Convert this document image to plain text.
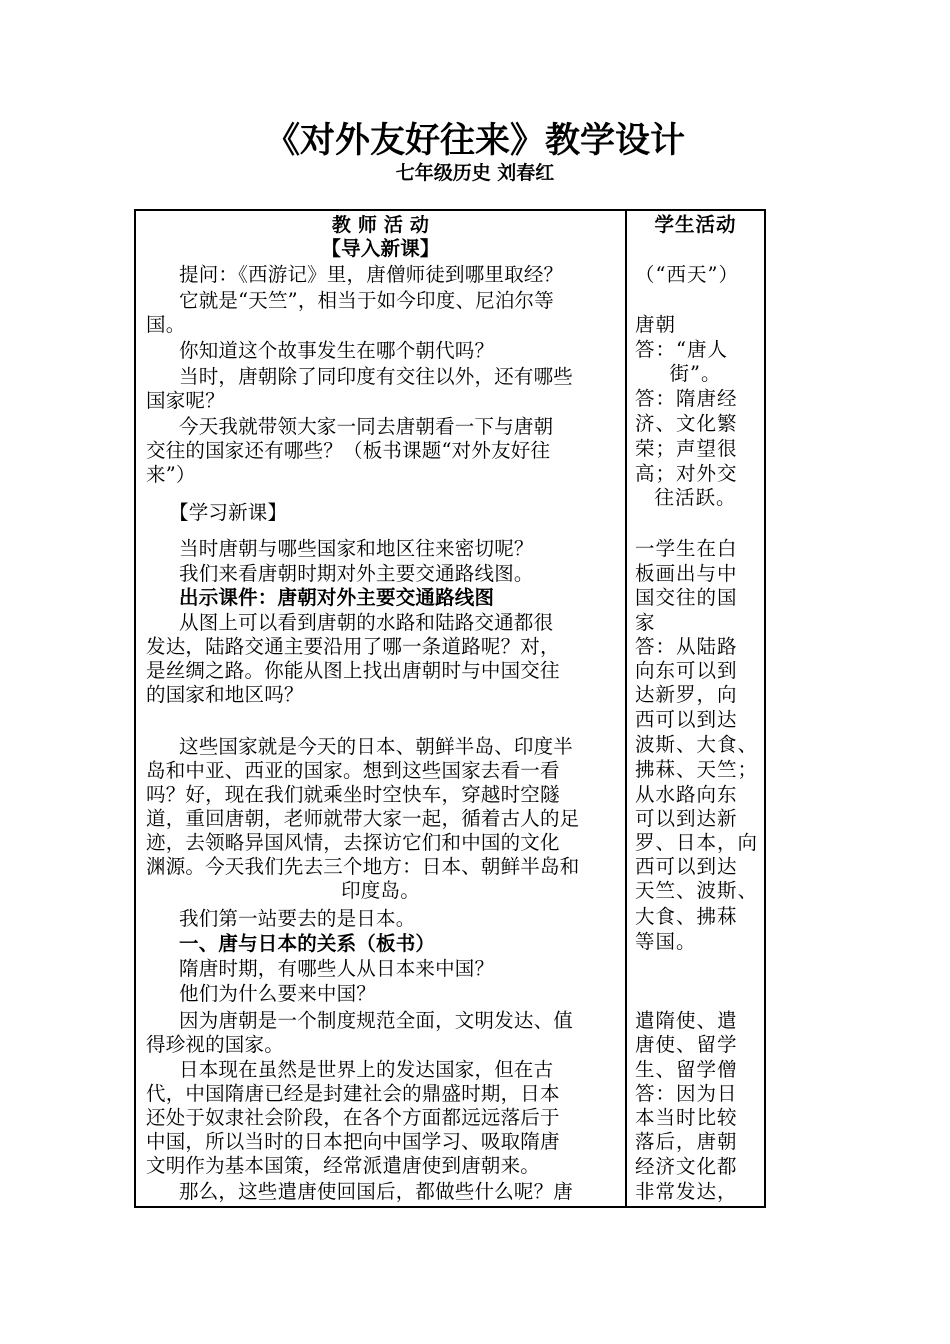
《对外友好往来》教学设计
七年级历史 刘春红

教 师 活 动

【导入新课】

提问：《西游记》里，唐僧师徒到哪里取经？

它就是“天竺”，相当于如今印度、尼泊尔等

国。

你知道这个故事发生在哪个朝代吗？

当时，唐朝除了同印度有交往以外，还有哪些

国家呢？

今天我就带领大家一同去唐朝看一下与唐朝

交往的国家还有哪些？（板书课题“对外友好往

来”）

【学习新课】

当时唐朝与哪些国家和地区往来密切呢？

我们来看唐朝时期对外主要交通路线图。

出示课件：唐朝对外主要交通路线图

从图上可以看到唐朝的水路和陆路交通都很

发达，陆路交通主要沿用了哪一条道路呢？对，

是丝绸之路。你能从图上找出唐朝时与中国交往

的国家和地区吗？

这些国家就是今天的日本、朝鲜半岛、印度半

岛和中亚、西亚的国家。想到这些国家去看一看

吗？好，现在我们就乘坐时空快车，穿越时空隧

道，重回唐朝，老师就带大家一起，循着古人的足

迹，去领略异国风情，去探访它们和中国的文化

渊源。今天我们先去三个地方：日本、朝鲜半岛和

印度岛。

我们第一站要去的是日本。

一、唐与日本的关系（板书）

隋唐时期，有哪些人从日本来中国？

他们为什么要来中国？

因为唐朝是一个制度规范全面，文明发达、值

得珍视的国家。

日本现在虽然是世界上的发达国家，但在古

代，中国隋唐已经是封建社会的鼎盛时期，日本

还处于奴隶社会阶段，在各个方面都远远落后于

中国，所以当时的日本把向中国学习、吸取隋唐

文明作为基本国策，经常派遣唐使到唐朝来。

那么，这些遣唐使回国后，都做些什么呢？唐

学生活动

（“西天”）

唐朝

答：“唐人

街”。

答：隋唐经

济、文化繁

荣；声望很

高；对外交

往活跃。

一学生在白

板画出与中

国交往的国

家

答：从陆路

向东可以到

达新罗，向

西可以到达

波斯、大食、

拂菻、天竺；

从水路向东

可以到达新

罗、日本，向

西可以到达

天竺、波斯、

大食、拂菻

等国。

遣隋使、遣

唐使、留学

生、留学僧

答：因为日

本当时比较

落后，唐朝

经济文化都

非常发达，
